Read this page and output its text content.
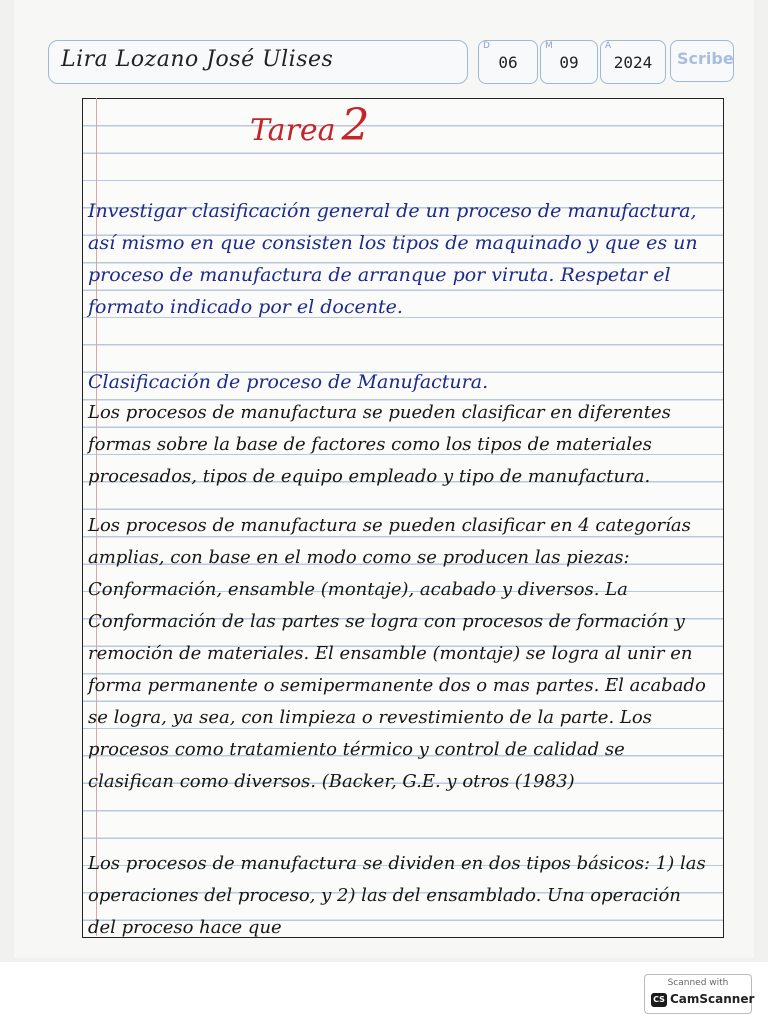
Lira Lozano José Ulises
D
06
M
09
A
2024	Scribe
Tarea 2
Investigar clasificación general de un proceso de manufactura, así mismo en que consisten los tipos de maquinado y que es un proceso de manufactura de arranque por viruta. Respetar el formato indicado por el docente.
Clasificación de proceso de Manufactura.
Los procesos de manufactura se pueden clasificar en diferentes formas sobre la base de factores como los tipos de materiales procesados, tipos de equipo empleado y tipo de manufactura.
Los procesos de manufactura se pueden clasificar en 4 categorías amplias, con base en el modo como se producen las piezas: Conformación, ensamble (montaje), acabado y diversos. La Conformación de las partes se logra con procesos de formación y remoción de materiales. El ensamble (montaje) se logra al unir en forma permanente o semipermanente dos o mas partes. El acabado se logra, ya sea, con limpieza o revestimiento de la parte. Los procesos como tratamiento térmico y control de calidad se clasifican como diversos. (Backer, G.E. y otros (1983)
Los procesos de manufactura se dividen en dos tipos básicos: 1) las operaciones del proceso, y 2) las del ensamblado. Una operación del proceso hace que
Scanned with
CS CamScanner
